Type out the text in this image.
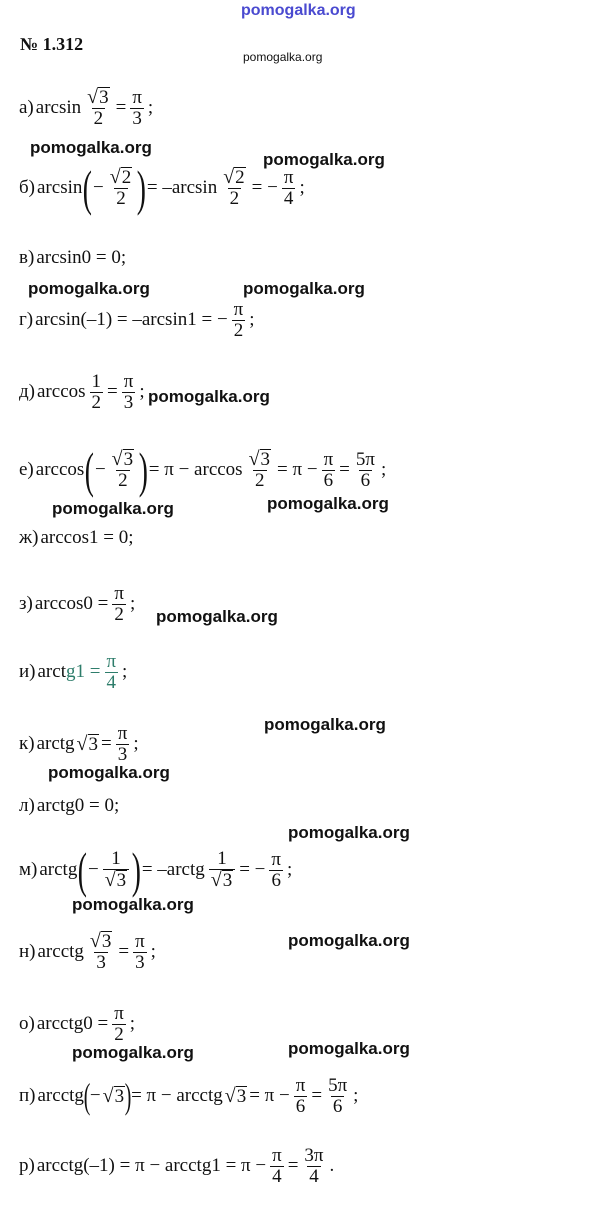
pomogalka.org
pomogalka.org
pomogalka.org
pomogalka.org
pomogalka.org	pomogalka.org
pomogalka.org
pomogalka.org	pomogalka.org
pomogalka.org
pomogalka.org
pomogalka.org
pomogalka.org
pomogalka.org
pomogalka.org
pomogalka.org	pomogalka.org
№ 1.312
а) $\arcsin \frac{√ 3}{2} = \frac{\pi}{3}$ ;
б) arcsin ( − $\frac{√ 2}{2}$ ) = $-\arcsin \frac{√ 2}{2}$ = − $\frac{\pi}{4}$ ;
в) arcsin0 = 0;
г) arcsin(–1) = –arcsin1 = − $\frac{\pi}{2}$ ;
д) $\arccos \frac{1}{2} = \frac{\pi}{3}$ ;
е) arccos ( − $\frac{√ 3}{2}$ ) = $\pi - \arccos \frac{√ 3}{2} = \pi - \frac{\pi}{6} = \frac{5\pi}{6}$ ;
ж) arccos1 = 0;
з) $\arccos 0 = \frac{\pi}{2}$ ;
и) arctg1 = $\frac{\pi}{4}$ ;
к) arctg √ $3 = \frac{\pi}{3}$ ;
л) arctg0 = 0;
м) arctg ( − $\frac{1}{√ 3}$ ) = –arctg $\frac{1}{√ 3}$ = − $\frac{\pi}{6}$ ;
н) arcctg $\frac{√ 3}{3} = \frac{\pi}{3}$ ;
о) arcctg0 = $\frac{\pi}{2}$ ;
п) arcctg ( − √ 3 ) = π − arcctg √ $3 = \pi - \frac{\pi}{6} = \frac{5\pi}{6}$ ;
р) arcctg(–1) = π − arcctg1 = $\pi - \frac{\pi}{4} = \frac{3\pi}{4}$ .
